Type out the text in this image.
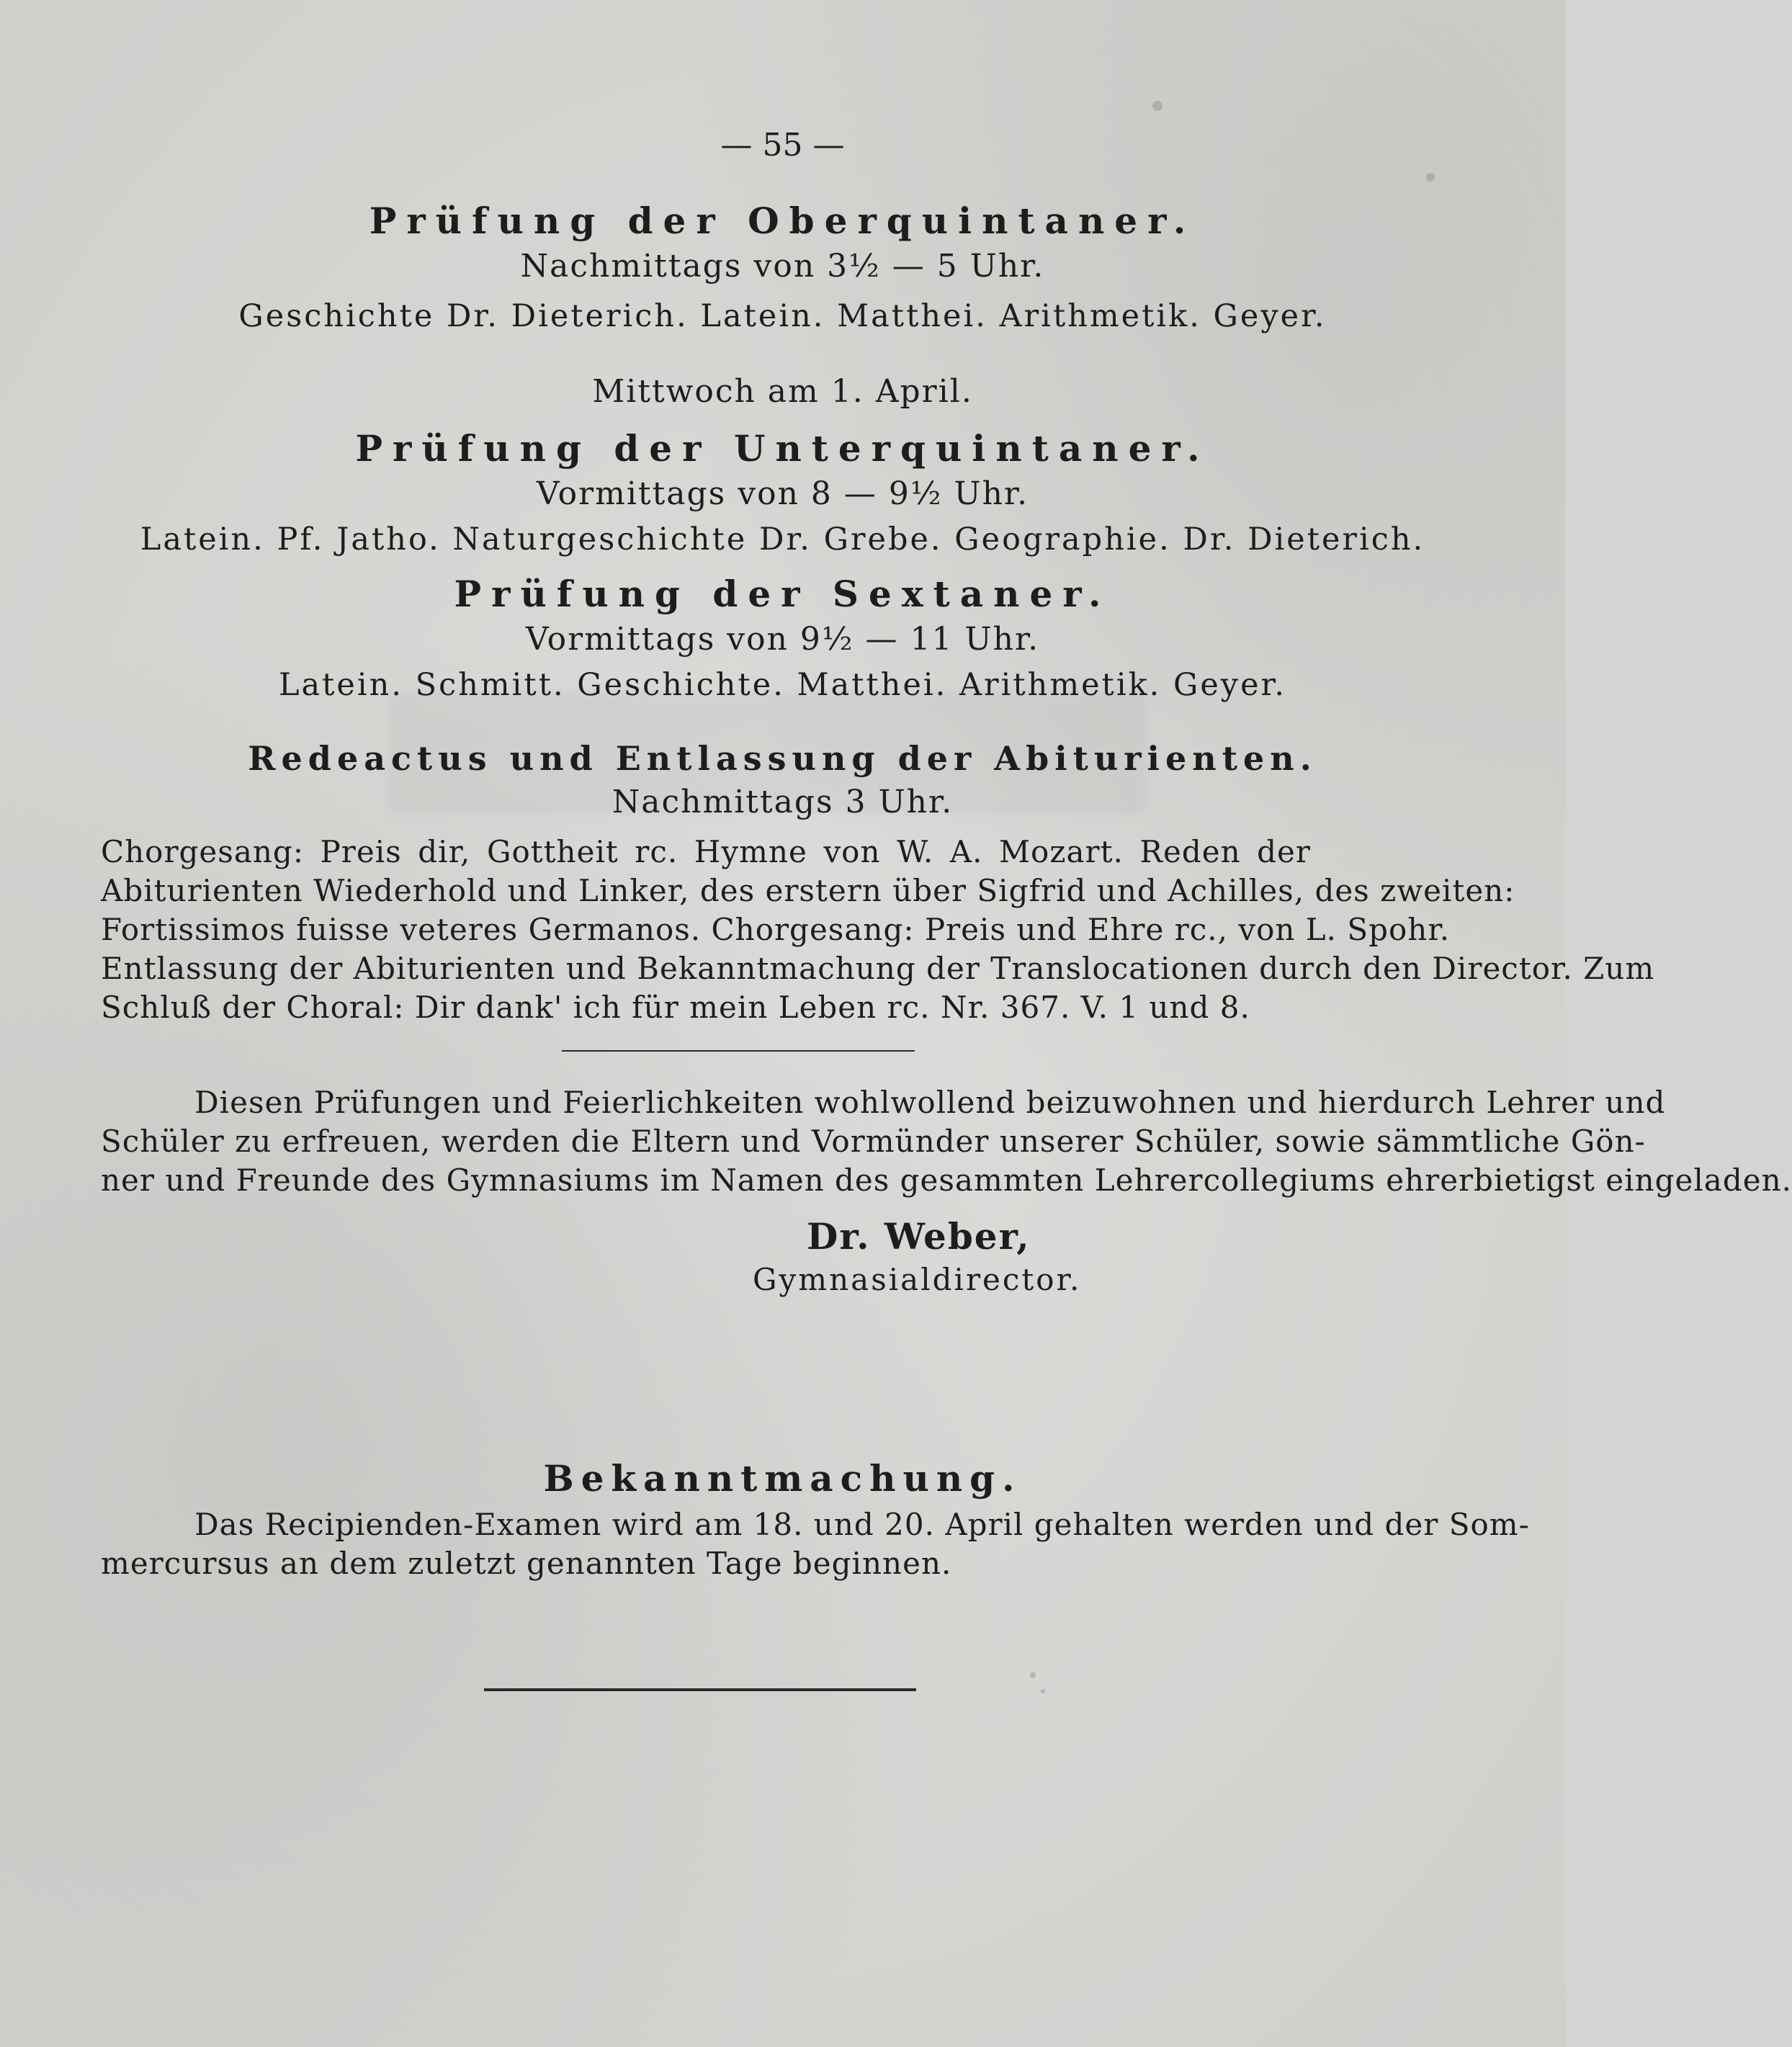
— 55 —
Prüfung der Oberquintaner.
Nachmittags von 3½ — 5 Uhr.
Geschichte Dr. Dieterich. Latein. Matthei. Arithmetik. Geyer.
Mittwoch am 1. April.
Prüfung der Unterquintaner.
Vormittags von 8 — 9½ Uhr.
Latein. Pf. Jatho. Naturgeschichte Dr. Grebe. Geographie. Dr. Dieterich.
Prüfung der Sextaner.
Vormittags von 9½ — 11 Uhr.
Latein. Schmitt. Geschichte. Matthei. Arithmetik. Geyer.
Redeactus und Entlassung der Abiturienten.
Nachmittags 3 Uhr.
Chorgesang: Preis dir, Gottheit rc. Hymne von W. A. Mozart. Reden der
Abiturienten Wiederhold und Linker, des erstern über Sigfrid und Achilles, des zweiten:
Fortissimos fuisse veteres Germanos. Chorgesang: Preis und Ehre rc., von L. Spohr.
Entlassung der Abiturienten und Bekanntmachung der Translocationen durch den Director. Zum
Schluß der Choral: Dir dank' ich für mein Leben rc. Nr. 367. V. 1 und 8.
Diesen Prüfungen und Feierlichkeiten wohlwollend beizuwohnen und hierdurch Lehrer und
Schüler zu erfreuen, werden die Eltern und Vormünder unserer Schüler, sowie sämmtliche Gön-
ner und Freunde des Gymnasiums im Namen des gesammten Lehrercollegiums ehrerbietigst eingeladen.
Dr. Weber,
Gymnasialdirector.
Bekanntmachung.
Das Recipienden-Examen wird am 18. und 20. April gehalten werden und der Som-
mercursus an dem zuletzt genannten Tage beginnen.
